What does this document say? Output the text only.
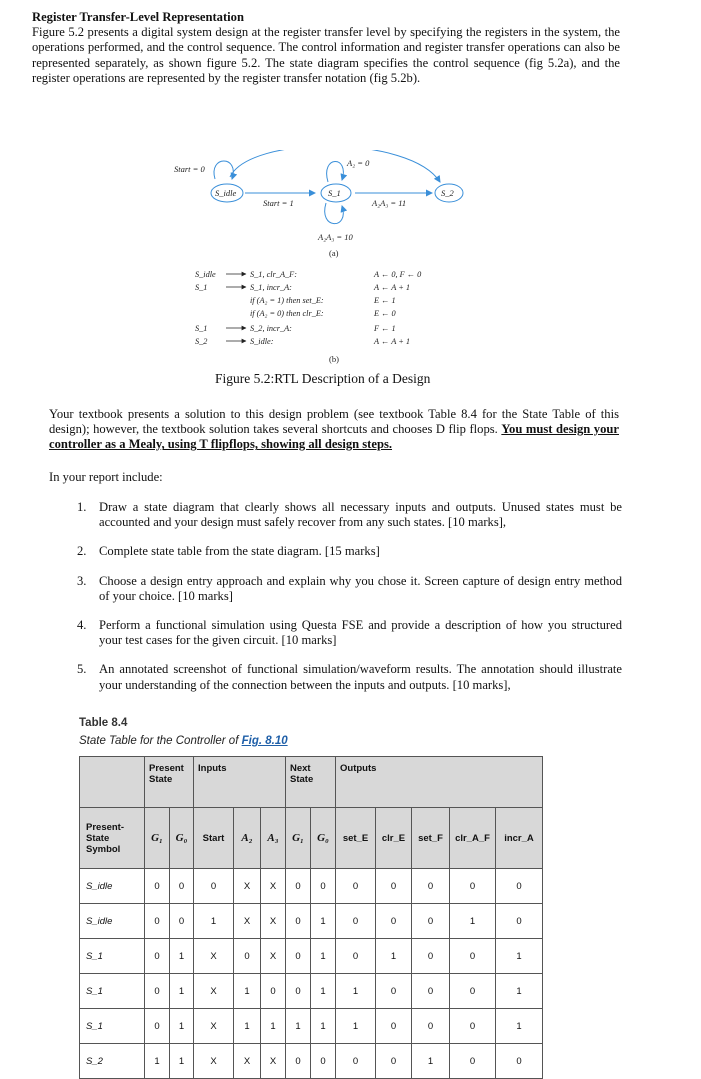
Register Transfer-Level Representation

Figure 5.2 presents a digital system design at the register transfer level by specifying the registers in the system, the operations performed, and the control sequence. The control information and register transfer operations can also be represented separately, as shown figure 5.2. The state diagram specifies the control sequence (fig 5.2a), and the register operations are represented by the register transfer notation (fig 5.2b).

S_idle	S_1	S_2
Start = 0
Start = 1
A₂ = 0
A₂A₃ = 11
A₂A₃ = 10
(a)
S_idle	S_1, clr_A_F:	A ← 0, F ← 0
S_1	S_1, incr_A:	A ← A + 1
if (A₂ = 1) then set_E:	E ← 1
if (A₂ = 0) then clr_E:	E ← 0
S_1	S_2, incr_A:	F ← 1
S_2	S_idle:	A ← A + 1
(b)
Figure 5.2:RTL Description of a Design
Your textbook presents a solution to this design problem (see textbook Table 8.4 for the State Table of this design); however, the textbook solution takes several shortcuts and chooses D flip flops. You must design your controller as a Mealy, using T flipflops, showing all design steps.
In your report include:
1. Draw a state diagram that clearly shows all necessary inputs and outputs. Unused states must be accounted and your design must safely recover from any such states. [10 marks],
2. Complete state table from the state diagram. [15 marks]
3. Choose a design entry approach and explain why you chose it. Screen capture of design entry method of your choice. [10 marks]
4. Perform a functional simulation using Questa FSE and provide a description of how you structured your test cases for the given circuit. [10 marks]
5. An annotated screenshot of functional simulation/waveform results. The annotation should illustrate your understanding of the connection between the inputs and outputs. [10 marks],
Table 8.4
State Table for the Controller of Fig. 8.10
	Present State		Inputs			Next State		Outputs				
Present-State Symbol	G₁	G₀	Start	A₂	A₃	G₁	G₀	set_E	clr_E	set_F	clr_A_F	incr_A
S_idle	0	0	0	X	X	0	0	0	0	0	0	0
S_idle	0	0	1	X	X	0	1	0	0	0	1	0
S_1	0	1	X	0	X	0	1	0	1	0	0	1
S_1	0	1	X	1	0	0	1	1	0	0	0	1
S_1	0	1	X	1	1	1	1	1	0	0	0	1
S_2	1	1	X	X	X	0	0	0	0	1	0	0
